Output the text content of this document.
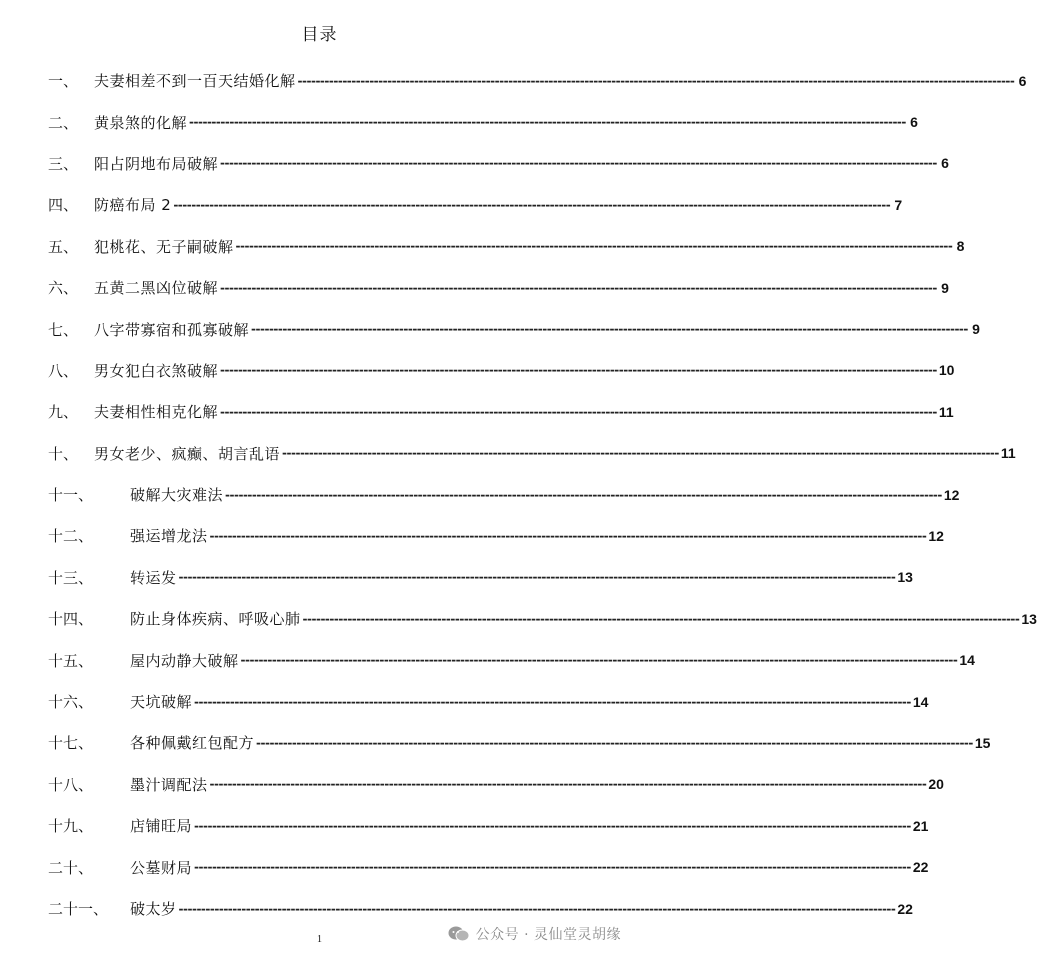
目录
一、	夫妻相差不到一百天结婚化解 ---------------------------------------------------------------------------------------------------------------------------------------------------------------- 6
二、	黄泉煞的化解 ---------------------------------------------------------------------------------------------------------------------------------------------------------------- 6
三、	阳占阴地布局破解 ---------------------------------------------------------------------------------------------------------------------------------------------------------------- 6
四、	防癌布局 2 ---------------------------------------------------------------------------------------------------------------------------------------------------------------- 7
五、	犯桃花、无子嗣破解 ---------------------------------------------------------------------------------------------------------------------------------------------------------------- 8
六、	五黄二黑凶位破解 ---------------------------------------------------------------------------------------------------------------------------------------------------------------- 9
七、	八字带寡宿和孤寡破解 ---------------------------------------------------------------------------------------------------------------------------------------------------------------- 9
八、	男女犯白衣煞破解 ---------------------------------------------------------------------------------------------------------------------------------------------------------------- 10
九、	夫妻相性相克化解 ---------------------------------------------------------------------------------------------------------------------------------------------------------------- 11
十、	男女老少、疯癫、胡言乱语 ---------------------------------------------------------------------------------------------------------------------------------------------------------------- 11
十一、	破解大灾难法 ---------------------------------------------------------------------------------------------------------------------------------------------------------------- 12
十二、	强运增龙法 ---------------------------------------------------------------------------------------------------------------------------------------------------------------- 12
十三、	转运发 ---------------------------------------------------------------------------------------------------------------------------------------------------------------- 13
十四、	防止身体疾病、呼吸心肺 ---------------------------------------------------------------------------------------------------------------------------------------------------------------- 13
十五、	屋内动静大破解 ---------------------------------------------------------------------------------------------------------------------------------------------------------------- 14
十六、	天坑破解 ---------------------------------------------------------------------------------------------------------------------------------------------------------------- 14
十七、	各种佩戴红包配方 ---------------------------------------------------------------------------------------------------------------------------------------------------------------- 15
十八、	墨汁调配法 ---------------------------------------------------------------------------------------------------------------------------------------------------------------- 20
十九、	店铺旺局 ---------------------------------------------------------------------------------------------------------------------------------------------------------------- 21
二十、	公墓财局 ---------------------------------------------------------------------------------------------------------------------------------------------------------------- 22
二十一、	破太岁 ---------------------------------------------------------------------------------------------------------------------------------------------------------------- 22
1	公众号 · 灵仙堂灵胡缘
